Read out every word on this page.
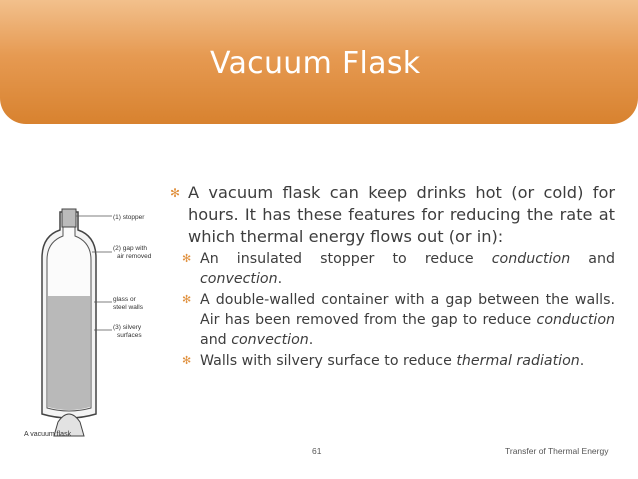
Vacuum Flask
(1) stopper
(2) gap with
air removed
glass or
steel walls
(3) silvery
surfaces
A vacuum flask
✻ A vacuum flask can keep drinks hot (or cold) for hours. It has these features for reducing the rate at which thermal energy flows out (or in):
✻ An insulated stopper to reduce conduction and convection.
✻ A double-walled container with a gap between the walls. Air has been removed from the gap to reduce conduction and convection.
✻ Walls with silvery surface to reduce thermal radiation.
61	Transfer of Thermal Energy
